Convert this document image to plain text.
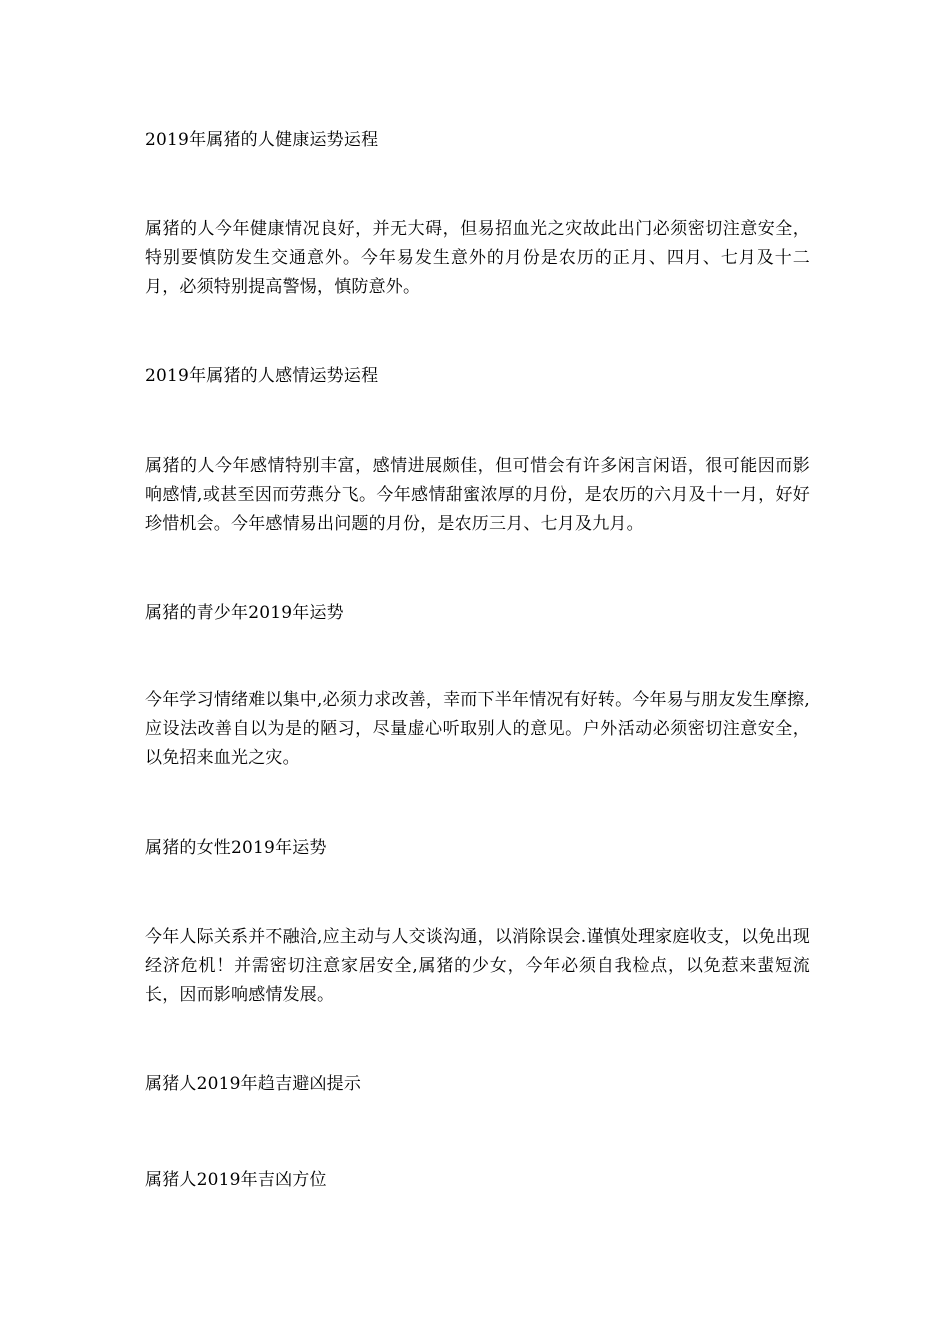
2019年属猪的人健康运势运程

属猪的人今年健康情况良好，并无大碍，但易招血光之灾故此出门必须密切注意安全，特别要慎防发生交通意外。今年易发生意外的月份是农历的正月、四月、七月及十二月，必须特别提高警惕，慎防意外。

2019年属猪的人感情运势运程

属猪的人今年感情特别丰富，感情进展颇佳，但可惜会有许多闲言闲语，很可能因而影响感情,或甚至因而劳燕分飞。今年感情甜蜜浓厚的月份，是农历的六月及十一月，好好珍惜机会。今年感情易出问题的月份，是农历三月、七月及九月。

属猪的青少年2019年运势

今年学习情绪难以集中,必须力求改善，幸而下半年情况有好转。今年易与朋友发生摩擦,应设法改善自以为是的陋习，尽量虚心听取别人的意见。户外活动必须密切注意安全，以免招来血光之灾。

属猪的女性2019年运势

今年人际关系并不融洽,应主动与人交谈沟通，以消除误会.谨慎处理家庭收支，以免出现经济危机！并需密切注意家居安全,属猪的少女，今年必须自我检点，以免惹来蜚短流长，因而影响感情发展。

属猪人2019年趋吉避凶提示

属猪人2019年吉凶方位
